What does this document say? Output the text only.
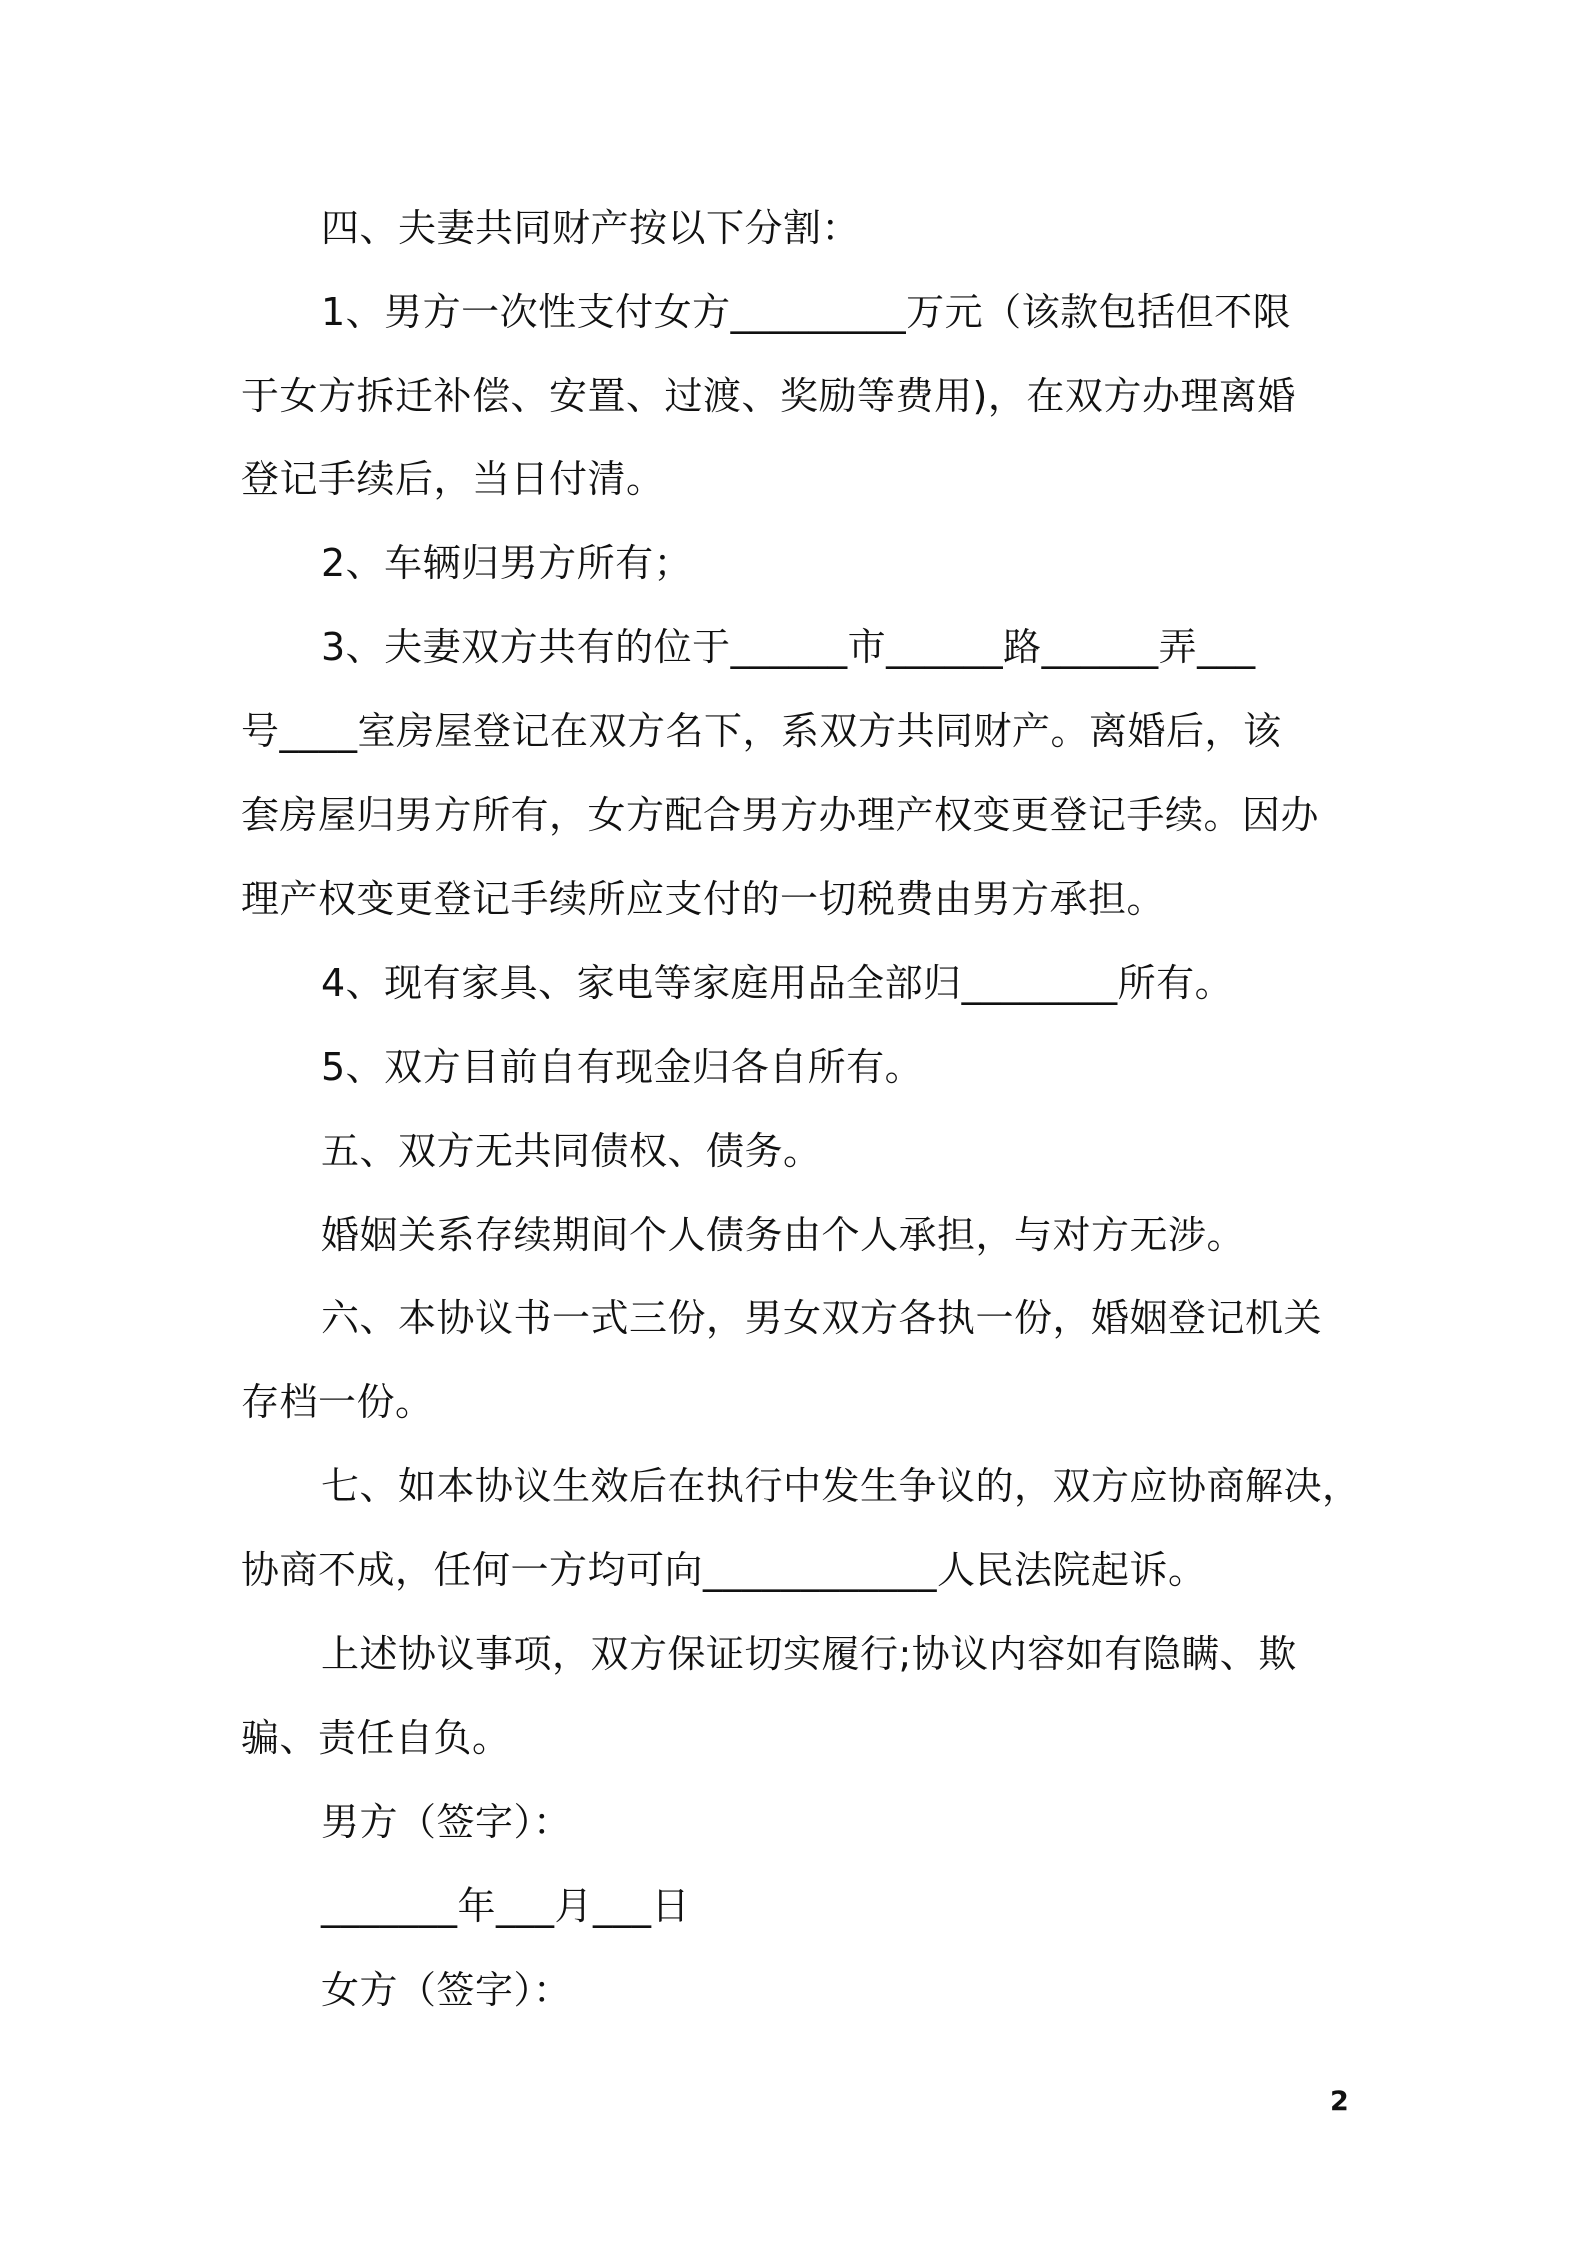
四、夫妻共同财产按以下分割：
1、男方一次性支付女方_________万元（该款包括但不限
于女方拆迁补偿、安置、过渡、奖励等费用)，在双方办理离婚
登记手续后，当日付清。
2、车辆归男方所有；
3、夫妻双方共有的位于______市______路______弄___
号____室房屋登记在双方名下，系双方共同财产。离婚后，该
套房屋归男方所有，女方配合男方办理产权变更登记手续。因办
理产权变更登记手续所应支付的一切税费由男方承担。
4、现有家具、家电等家庭用品全部归________所有。
5、双方目前自有现金归各自所有。
五、双方无共同债权、债务。
婚姻关系存续期间个人债务由个人承担，与对方无涉。
六、本协议书一式三份，男女双方各执一份，婚姻登记机关
存档一份。
七、如本协议生效后在执行中发生争议的，双方应协商解决，
协商不成，任何一方均可向____________人民法院起诉。
上述协议事项，双方保证切实履行;协议内容如有隐瞒、欺
骗、责任自负。
男方（签字）：
_______年___月___日
女方（签字）：
2
